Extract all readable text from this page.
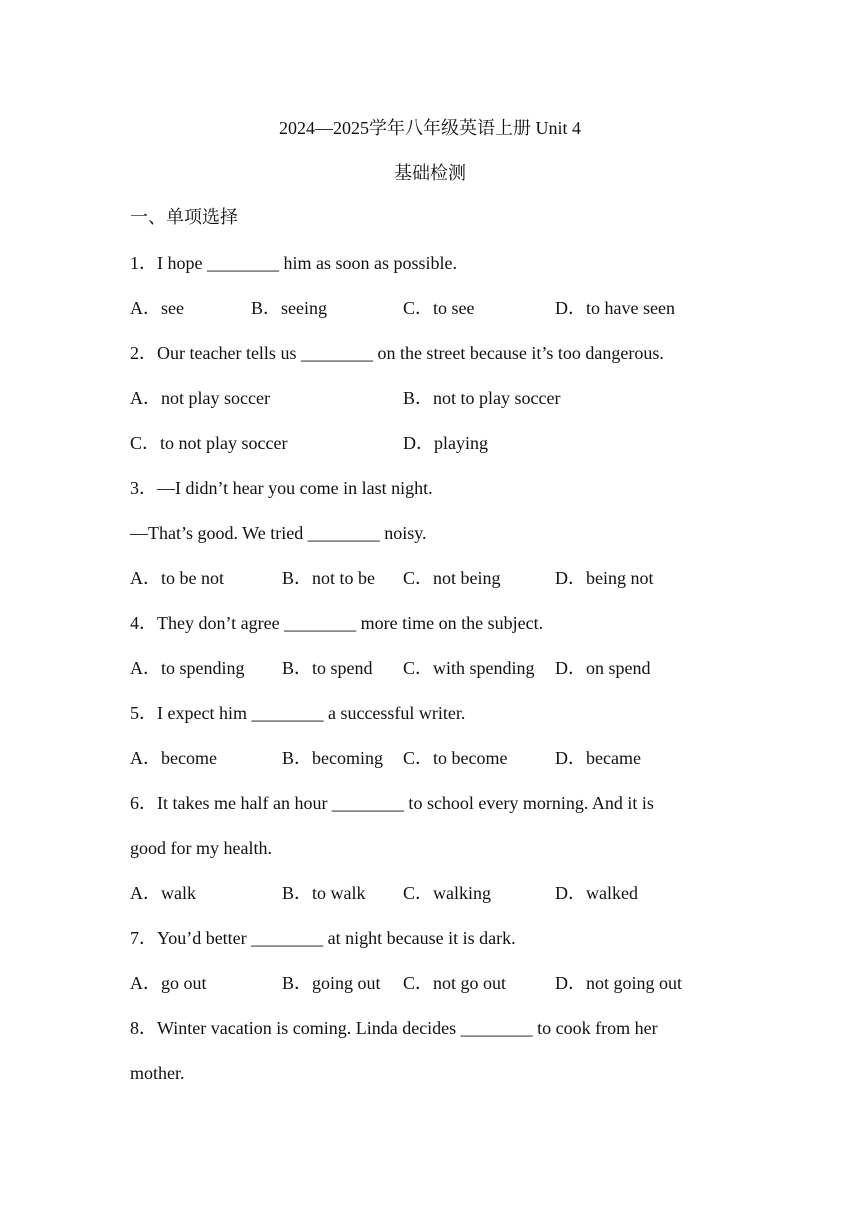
2024—2025学年八年级英语上册 Unit 4
基础检测
一、单项选择
1．I hope ________ him as soon as possible.
A．see	B．seeing	C．to see	D．to have seen
2．Our teacher tells us ________ on the street because it’s too dangerous.
A．not play soccer	B．not to play soccer
C．to not play soccer	D．playing
3．—I didn’t hear you come in last night.
—That’s good. We tried ________ noisy.
A．to be not	B．not to be C．not being	D．being not
4．They don’t agree ________ more time on the subject.
A．to spending B．to spend C．with spending D．on spend
5．I expect him ________ a successful writer.
A．become	B．becoming C．to become	D．became
6．It takes me half an hour ________ to school every morning. And it is
good for my health.
A．walk	B．to walk C．walking	D．walked
7．You’d better ________ at night because it is dark.
A．go out	B．going out C．not go out	D．not going out
8．Winter vacation is coming. Linda decides ________ to cook from her
mother.
